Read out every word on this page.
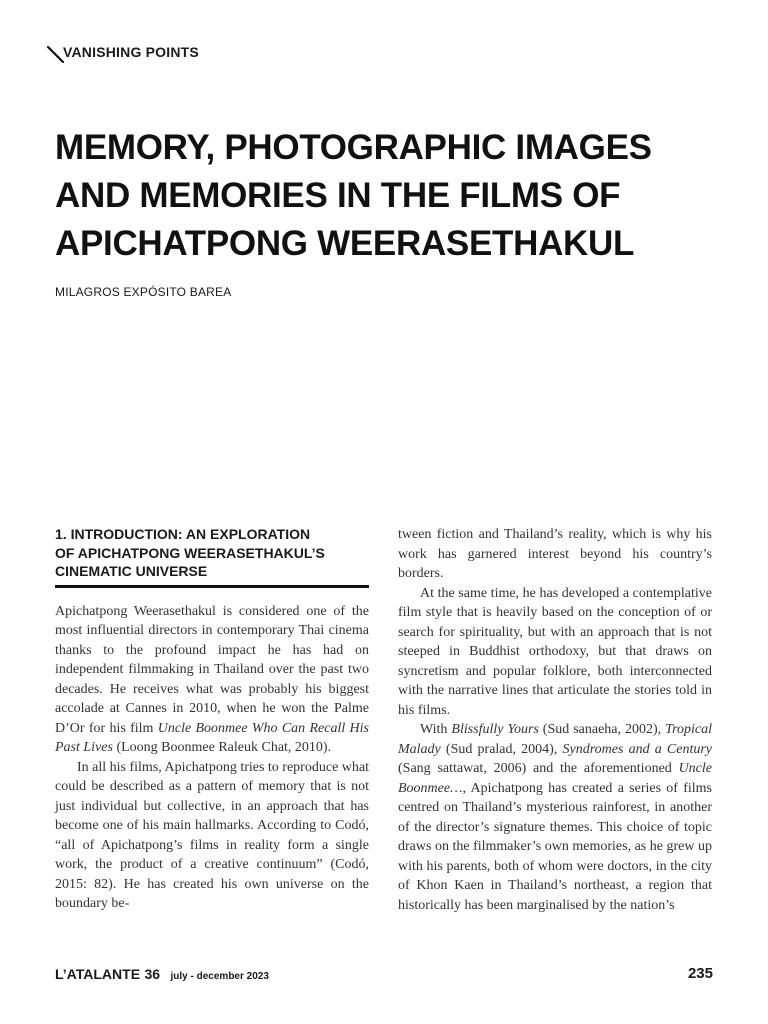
VANISHING POINTS
MEMORY, PHOTOGRAPHIC IMAGES
AND MEMORIES IN THE FILMS OF
APICHATPONG WEERASETHAKUL
MILAGROS EXPÓSITO BAREA
1. INTRODUCTION: AN EXPLORATION
OF APICHATPONG WEERASETHAKUL’S
CINEMATIC UNIVERSE

Apichatpong Weerasethakul is considered one of the most influential directors in contemporary Thai cinema thanks to the profound impact he has had on independent filmmaking in Thailand over the past two decades. He receives what was probably his biggest accolade at Cannes in 2010, when he won the Palme D’Or for his film Uncle Boonmee Who Can Recall His Past Lives (Loong Boonmee Raleuk Chat, 2010).

In all his films, Apichatpong tries to reproduce what could be described as a pattern of memory that is not just individual but collective, in an approach that has become one of his main hallmarks. According to Codó, “all of Apichatpong’s films in reality form a single work, the product of a creative continuum” (Codó, 2015: 82). He has created his own universe on the boundary be-

tween fiction and Thailand’s reality, which is why his work has garnered interest beyond his country’s borders.

At the same time, he has developed a contemplative film style that is heavily based on the conception of or search for spirituality, but with an approach that is not steeped in Buddhist orthodoxy, but that draws on syncretism and popular folklore, both interconnected with the narrative lines that articulate the stories told in his films.

With Blissfully Yours (Sud sanaeha, 2002), Tropical Malady (Sud pralad, 2004), Syndromes and a Century (Sang sattawat, 2006) and the aforementioned Uncle Boonmee…, Apichatpong has created a series of films centred on Thailand’s mysterious rainforest, in another of the director’s signature themes. This choice of topic draws on the filmmaker’s own memories, as he grew up with his parents, both of whom were doctors, in the city of Khon Kaen in Thailand’s northeast, a region that historically has been marginalised by the nation’s

L’ATALANTE 36 july - december 2023	235
